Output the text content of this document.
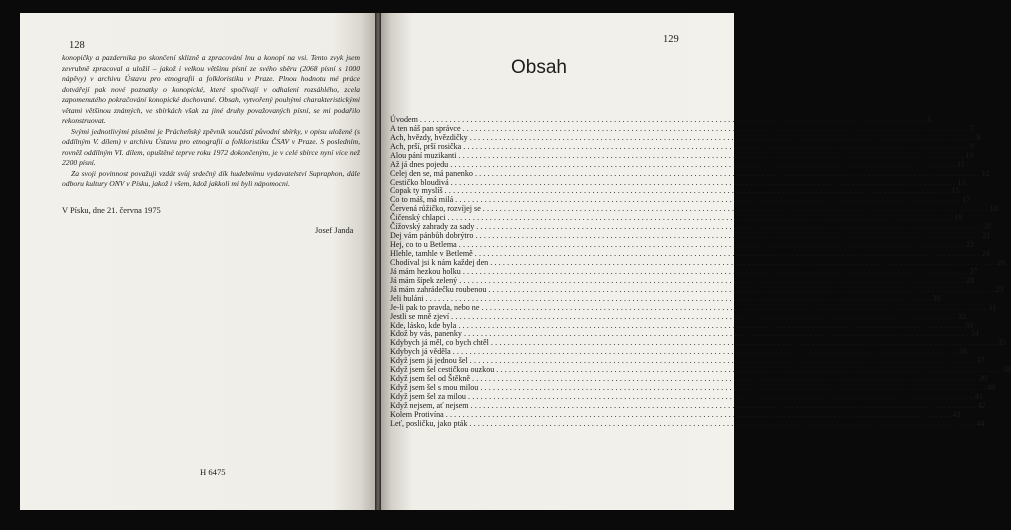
128

konopičky a pazdernika po skončení sklizně a zpracování lnu a konopí na vsi. Tento zvyk jsem zevrubně zpracoval a uložil – jakož i velkou většinu písní ze svého sběru (2068 písní s 1000 nápěvy) v archivu Ústavu pro etnografii a folkloristiku v Praze. Plnou hodnotu mé práce dotvářejí pak nové poznatky o konopické, které spočívají v odhalení rozsáhlého, zcela zapomenutého pokračování konopické dochované. Obsah, vytvořený pouhými charakteristickými větami většinou známých, ve sbírkách však za jiné druhy považovaných písní, se mi podařilo rekonstruovat.

Svými jednotlivými písněmi je Prácheňský zpěvník součástí původní sbírky, v opisu uložené (s oddílným V. dílem) v archivu Ústavu pro etnografii a folkloristiku ČSAV v Praze. S posledním, rovněž oddílným VI. dílem, opuštěné teprve roku 1972 dokončeným, je v celé sbírce nyní více než 2200 písní.

Za svoji povinnost považuji vzdát svůj srdečný dík hudebnímu vydavatelství Supraphon, dále odboru kultury ONV v Písku, jakož i všem, kdož jakkoli mi byli nápomocni.

V Písku, dne 21. června 1975
Josef Janda
H 6475
129
Obsah
Úvodem ........................................................................................................................ 3
A ten náš pan správce ........................................................................................................................ 7
Ach, hvězdy, hvězdičky ........................................................................................................................ 8
Ach, prší, prší rosička ........................................................................................................................ 9
Alou pání muzikanti ........................................................................................................................ 10
Až já dnes pojedu ........................................................................................................................ 11
Celej den se, má panenko ........................................................................................................................ 12
Cestičko bloudivá ........................................................................................................................ 13
Copak ty myslíš ........................................................................................................................ 15
Co to máš, má milá ........................................................................................................................ 17
Červená růžičko, rozvíjej se ........................................................................................................................ 18
Čičenský chlapci ........................................................................................................................ 19
Čížovský zahrady za sady ........................................................................................................................ 20
Dej vám pánbůh dobrýtro ........................................................................................................................ 21
Hej, co to u Betlema ........................................................................................................................ 22
Hlehle, tamhle v Betlemě ........................................................................................................................ 24
Chodíval jsi k nám každej den ........................................................................................................................ 26
Já mám hezkou holku ........................................................................................................................ 27
Já mám šípek zelený ........................................................................................................................ 28
Já mám zahrádečku roubenou ........................................................................................................................ 29
Jeli huláni ........................................................................................................................ 30
Je-li pak to pravda, nebo ne ........................................................................................................................ 31
Jestli se mně zjeví ........................................................................................................................ 32
Kde, lásko, kde byla ........................................................................................................................ 33
Kdož by vás, panenky ........................................................................................................................ 34
Kdybych já měl, co bych chtěl ........................................................................................................................ 35
Kdybych já věděla ........................................................................................................................ 36
Když jsem já jednou šel ........................................................................................................................ 37
Když jsem šel cestičkou ouzkou ........................................................................................................................ 38
Když jsem šel od Štěkně ........................................................................................................................ 39
Když jsem šel s mou milou ........................................................................................................................ 40
Když jsem šel za milou ........................................................................................................................ 41
Když nejsem, ať nejsem ........................................................................................................................ 42
Kolem Protivína ........................................................................................................................ 43
Leť, posličku, jako pták ........................................................................................................................ 44
